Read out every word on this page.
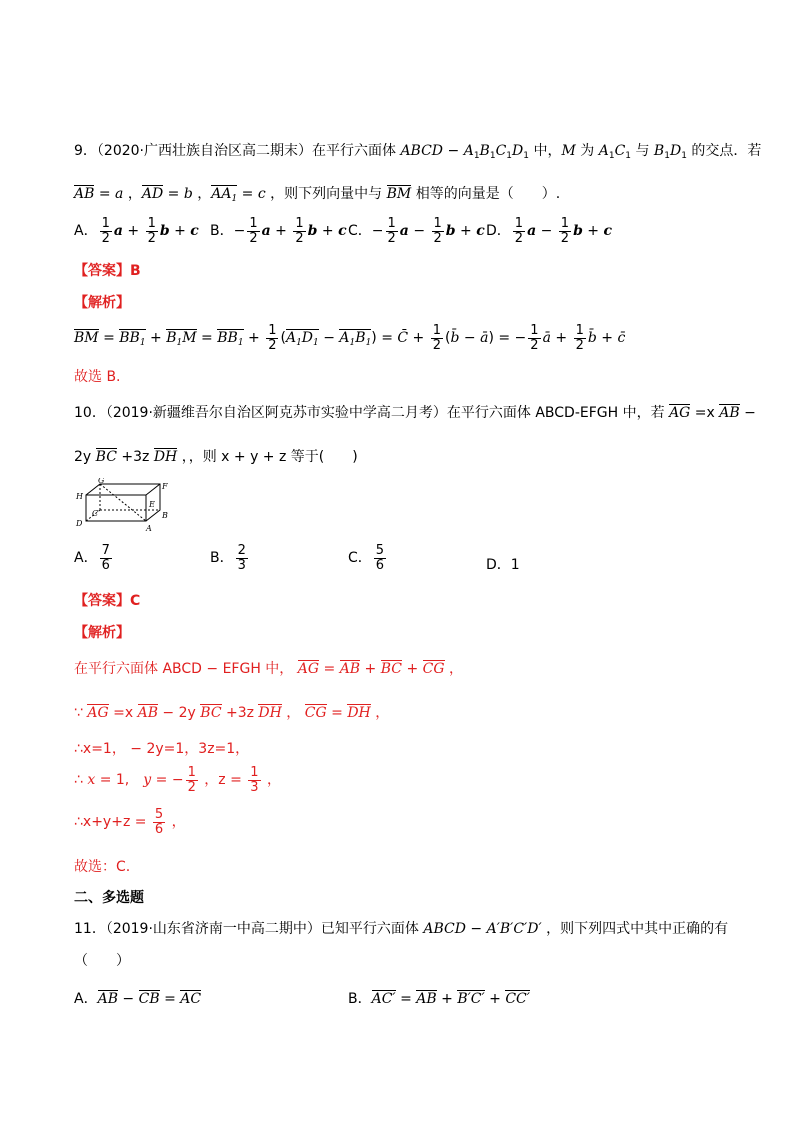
9．（2020·广西壮族自治区高二期末）在平行六面体 ABCD − $A_1B_1C_1D_1$ 中，M 为 $A_1C_1$ 与 $B_1D_1$ 的交点．若
AB = a ，AD = b ，$AA_1 = c$ ，则下列向量中与 BM 相等的向量是（　　）.
A． $\frac{1}{2}$ $a + \frac{1}{2}$ b + c B．− $\frac{1}{2}$ $a + \frac{1}{2}$ b + c C．− $\frac{1}{2}$ $a - \frac{1}{2}$ b + c D． $\frac{1}{2}$ $a - \frac{1}{2}$ b + c
【答案】B
【解析】
BM = $BB_1 + B_1M = BB_1 + \frac{1}{2} (A_1D_1 - A_1B_1)$ = C̄ + $\frac{1}{2}$ (b̄ − ā) = − $\frac{1}{2}$ ā + $\frac{1}{2}$ b̄ + c̄
故选 B.
10．（2019·新疆维吾尔自治区阿克苏市实验中学高二月考）在平行六面体 ABCD-EFGH 中，若 AG =x AB −
2y BC +3z DH ，，则 x + y + z 等于(　　)
G
F
H
C
E
B
D
A
A． $\frac{7}{6}$	B． $\frac{2}{3}$	C． $\frac{5}{6}$	D．1
【答案】C
【解析】
在平行六面体 ABCD − EFGH 中， AG = AB + BC + CG ，
∵ AG =x AB − 2y BC +3z DH ， CG = DH ，
∴x=1， − 2y=1，3z=1，
∴ x = 1,　y = − $\frac{1}{2}$ ，$z = \frac{1}{3}$ ，
∴x+y+z = $\frac{5}{6}$ ，
故选：C.
二、多选题
11．（2019·山东省济南一中高二期中）已知平行六面体 ABCD − A′B′C′D′ ，则下列四式中其中正确的有
（　　）
A．AB − CB = AC	B．AC′ = AB + B′C′ + CC′
